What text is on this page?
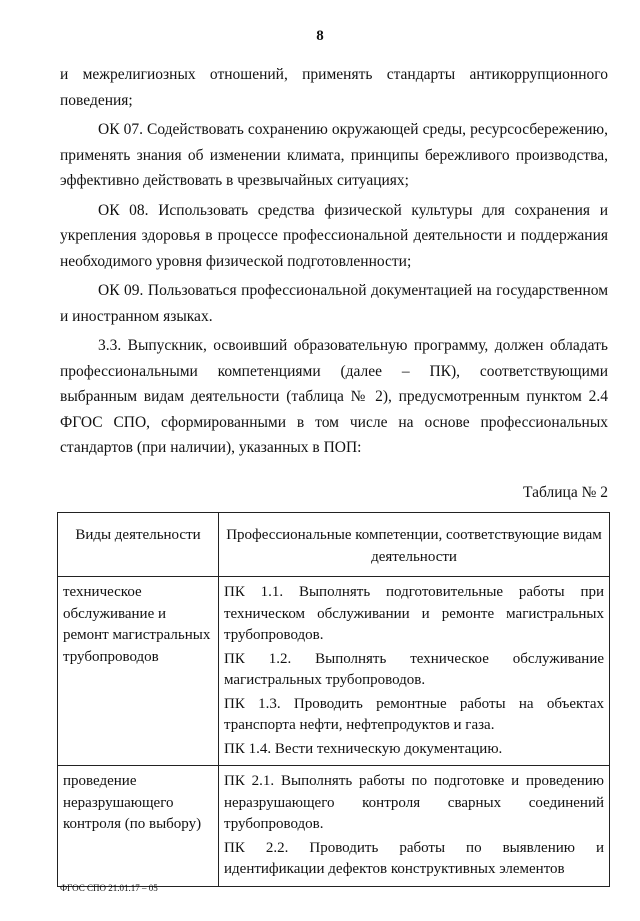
8

и межрелигиозных отношений, применять стандарты антикоррупционного поведения;

ОК 07. Содействовать сохранению окружающей среды, ресурсосбережению, применять знания об изменении климата, принципы бережливого производства, эффективно действовать в чрезвычайных ситуациях;

ОК 08. Использовать средства физической культуры для сохранения и укрепления здоровья в процессе профессиональной деятельности и поддержания необходимого уровня физической подготовленности;

ОК 09. Пользоваться профессиональной документацией на государственном и иностранном языках.

3.3. Выпускник, освоивший образовательную программу, должен обладать профессиональными компетенциями (далее – ПК), соответствующими выбранным видам деятельности (таблица № 2), предусмотренным пунктом 2.4 ФГОС СПО, сформированными в том числе на основе профессиональных стандартов (при наличии), указанных в ПОП:

Таблица № 2
Виды деятельности	Профессиональные компетенции, соответствующие видам деятельности
техническое обслуживание и ремонт магистральных трубопроводов	ПК 1.1. Выполнять подготовительные работы при техническом обслуживании и ремонте магистральных трубопроводов.
ПК 1.2. Выполнять техническое обслуживание магистральных трубопроводов.
ПК 1.3. Проводить ремонтные работы на объектах транспорта нефти, нефтепродуктов и газа.
ПК 1.4. Вести техническую документацию.

проведение неразрушающего контроля (по выбору)	ПК 2.1. Выполнять работы по подготовке и проведению неразрушающего контроля сварных соединений трубопроводов.
ПК 2.2. Проводить работы по выявлению и идентификации дефектов конструктивных элементов
ФГОС СПО 21.01.17 – 05
